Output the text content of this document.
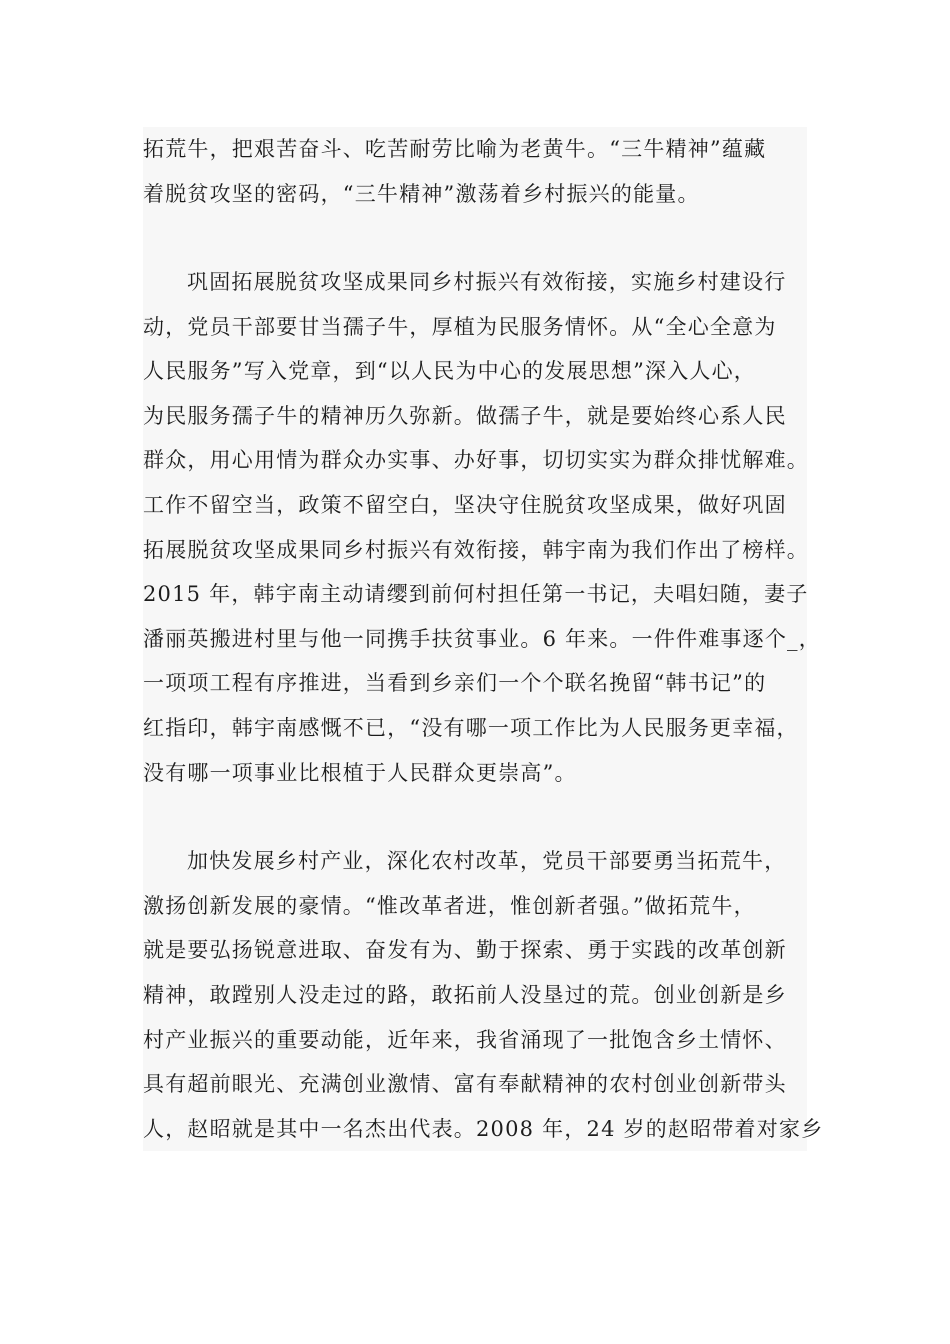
拓荒牛，把艰苦奋斗、吃苦耐劳比喻为老黄牛。“三牛精神”蕴藏
着脱贫攻坚的密码，“三牛精神”激荡着乡村振兴的能量。
巩固拓展脱贫攻坚成果同乡村振兴有效衔接，实施乡村建设行
动，党员干部要甘当孺子牛，厚植为民服务情怀。从“全心全意为
人民服务”写入党章，到“以人民为中心的发展思想”深入人心，
为民服务孺子牛的精神历久弥新。做孺子牛，就是要始终心系人民
群众，用心用情为群众办实事、办好事，切切实实为群众排忧解难。
工作不留空当，政策不留空白，坚决守住脱贫攻坚成果，做好巩固
拓展脱贫攻坚成果同乡村振兴有效衔接，韩宇南为我们作出了榜样。
2015 年，韩宇南主动请缨到前何村担任第一书记，夫唱妇随，妻子
潘丽英搬进村里与他一同携手扶贫事业。6 年来。一件件难事逐个_，
一项项工程有序推进，当看到乡亲们一个个联名挽留“韩书记”的
红指印，韩宇南感慨不已，“没有哪一项工作比为人民服务更幸福，
没有哪一项事业比根植于人民群众更崇高”。
加快发展乡村产业，深化农村改革，党员干部要勇当拓荒牛，
激扬创新发展的豪情。“惟改革者进，惟创新者强。”做拓荒牛，
就是要弘扬锐意进取、奋发有为、勤于探索、勇于实践的改革创新
精神，敢蹚别人没走过的路，敢拓前人没垦过的荒。创业创新是乡
村产业振兴的重要动能，近年来，我省涌现了一批饱含乡土情怀、
具有超前眼光、充满创业激情、富有奉献精神的农村创业创新带头
人，赵昭就是其中一名杰出代表。2008 年，24 岁的赵昭带着对家乡
